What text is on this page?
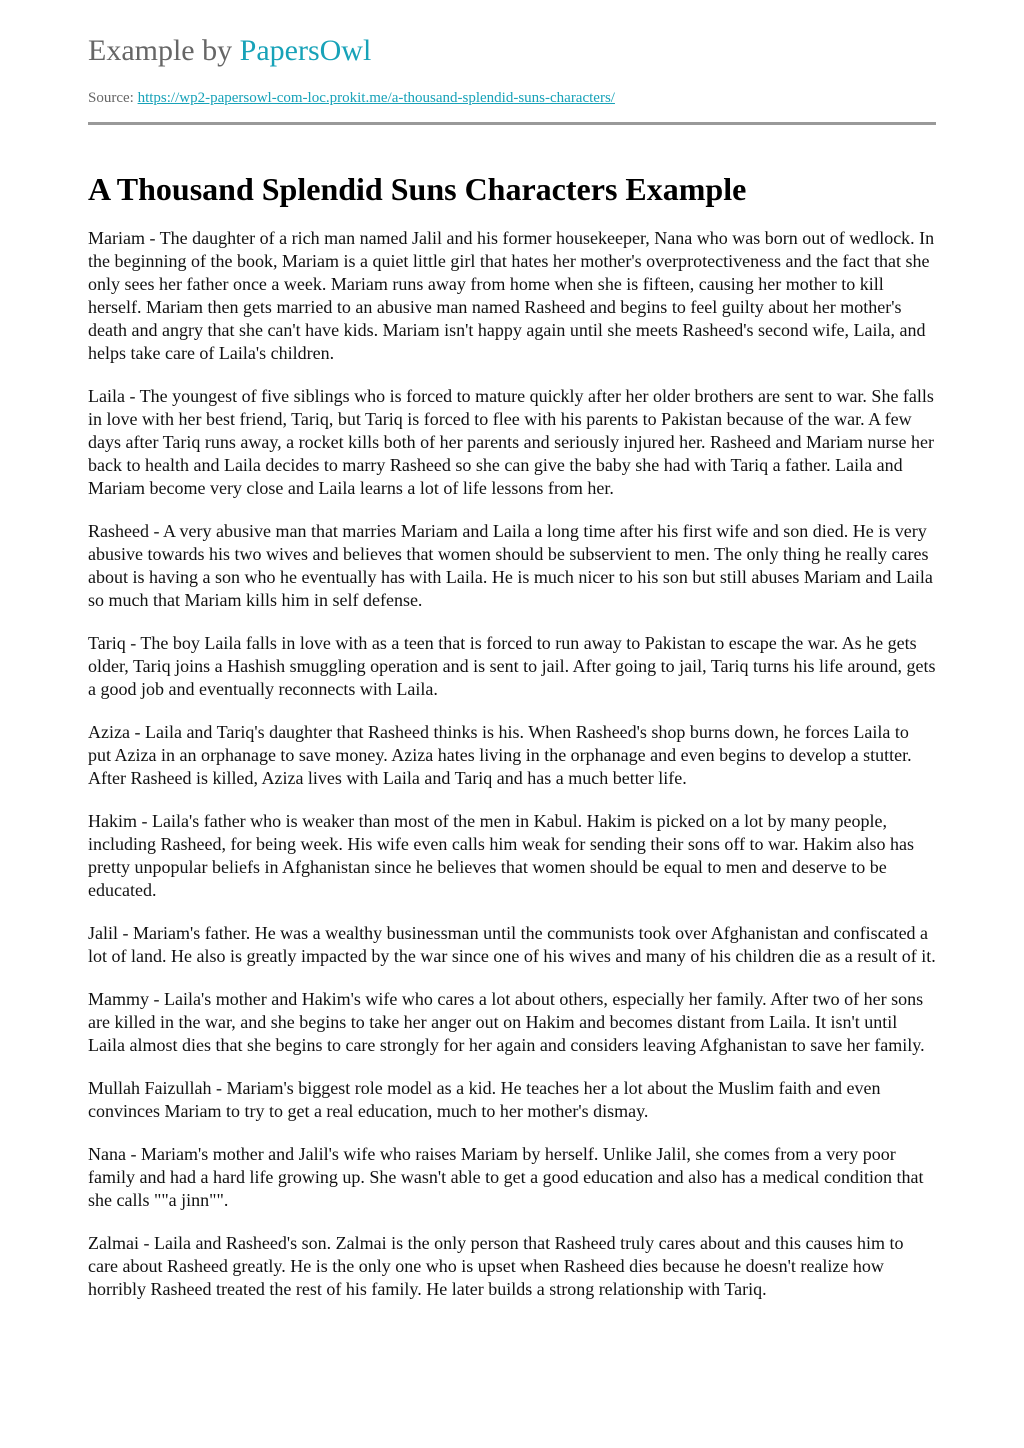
Example by PapersOwl
Source: https://wp2-papersowl-com-loc.prokit.me/a-thousand-splendid-suns-characters/
A Thousand Splendid Suns Characters Example

Mariam - The daughter of a rich man named Jalil and his former housekeeper, Nana who was born out of wedlock. In the beginning of the book, Mariam is a quiet little girl that hates her mother's overprotectiveness and the fact that she only sees her father once a week. Mariam runs away from home when she is fifteen, causing her mother to kill herself. Mariam then gets married to an abusive man named Rasheed and begins to feel guilty about her mother's death and angry that she can't have kids. Mariam isn't happy again until she meets Rasheed's second wife, Laila, and helps take care of Laila's children.

Laila - The youngest of five siblings who is forced to mature quickly after her older brothers are sent to war. She falls in love with her best friend, Tariq, but Tariq is forced to flee with his parents to Pakistan because of the war. A few days after Tariq runs away, a rocket kills both of her parents and seriously injured her. Rasheed and Mariam nurse her back to health and Laila decides to marry Rasheed so she can give the baby she had with Tariq a father. Laila and Mariam become very close and Laila learns a lot of life lessons from her.

Rasheed - A very abusive man that marries Mariam and Laila a long time after his first wife and son died. He is very abusive towards his two wives and believes that women should be subservient to men. The only thing he really cares about is having a son who he eventually has with Laila. He is much nicer to his son but still abuses Mariam and Laila so much that Mariam kills him in self defense.

Tariq - The boy Laila falls in love with as a teen that is forced to run away to Pakistan to escape the war. As he gets older, Tariq joins a Hashish smuggling operation and is sent to jail. After going to jail, Tariq turns his life around, gets a good job and eventually reconnects with Laila.

Aziza - Laila and Tariq's daughter that Rasheed thinks is his. When Rasheed's shop burns down, he forces Laila to put Aziza in an orphanage to save money. Aziza hates living in the orphanage and even begins to develop a stutter. After Rasheed is killed, Aziza lives with Laila and Tariq and has a much better life.

Hakim - Laila's father who is weaker than most of the men in Kabul. Hakim is picked on a lot by many people, including Rasheed, for being week. His wife even calls him weak for sending their sons off to war. Hakim also has pretty unpopular beliefs in Afghanistan since he believes that women should be equal to men and deserve to be educated.

Jalil - Mariam's father. He was a wealthy businessman until the communists took over Afghanistan and confiscated a lot of land. He also is greatly impacted by the war since one of his wives and many of his children die as a result of it.

Mammy - Laila's mother and Hakim's wife who cares a lot about others, especially her family. After two of her sons are killed in the war, and she begins to take her anger out on Hakim and becomes distant from Laila. It isn't until Laila almost dies that she begins to care strongly for her again and considers leaving Afghanistan to save her family.

Mullah Faizullah - Mariam's biggest role model as a kid. He teaches her a lot about the Muslim faith and even convinces Mariam to try to get a real education, much to her mother's dismay.

Nana - Mariam's mother and Jalil's wife who raises Mariam by herself. Unlike Jalil, she comes from a very poor family and had a hard life growing up. She wasn't able to get a good education and also has a medical condition that she calls ""a jinn"".

Zalmai - Laila and Rasheed's son. Zalmai is the only person that Rasheed truly cares about and this causes him to care about Rasheed greatly. He is the only one who is upset when Rasheed dies because he doesn't realize how horribly Rasheed treated the rest of his family. He later builds a strong relationship with Tariq.
